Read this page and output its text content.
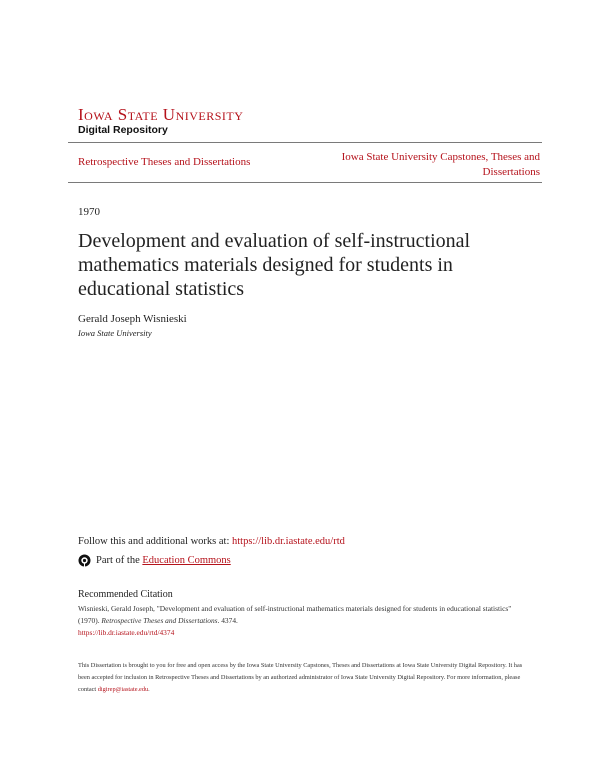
Iowa State University
Digital Repository
Retrospective Theses and Dissertations	Iowa State University Capstones, Theses and Dissertations
1970
Development and evaluation of self-instructional mathematics materials designed for students in educational statistics
Gerald Joseph Wisnieski
Iowa State University
Follow this and additional works at: https://lib.dr.iastate.edu/rtd
Part of the
Education Commons
Recommended Citation
Wisnieski, Gerald Joseph, "Development and evaluation of self-instructional mathematics materials designed for students in educational statistics" (1970). Retrospective Theses and Dissertations. 4374.
https://lib.dr.iastate.edu/rtd/4374
This Dissertation is brought to you for free and open access by the Iowa State University Capstones, Theses and Dissertations at Iowa State University Digital Repository. It has been accepted for inclusion in Retrospective Theses and Dissertations by an authorized administrator of Iowa State University Digital Repository. For more information, please contact digirep@iastate.edu.
